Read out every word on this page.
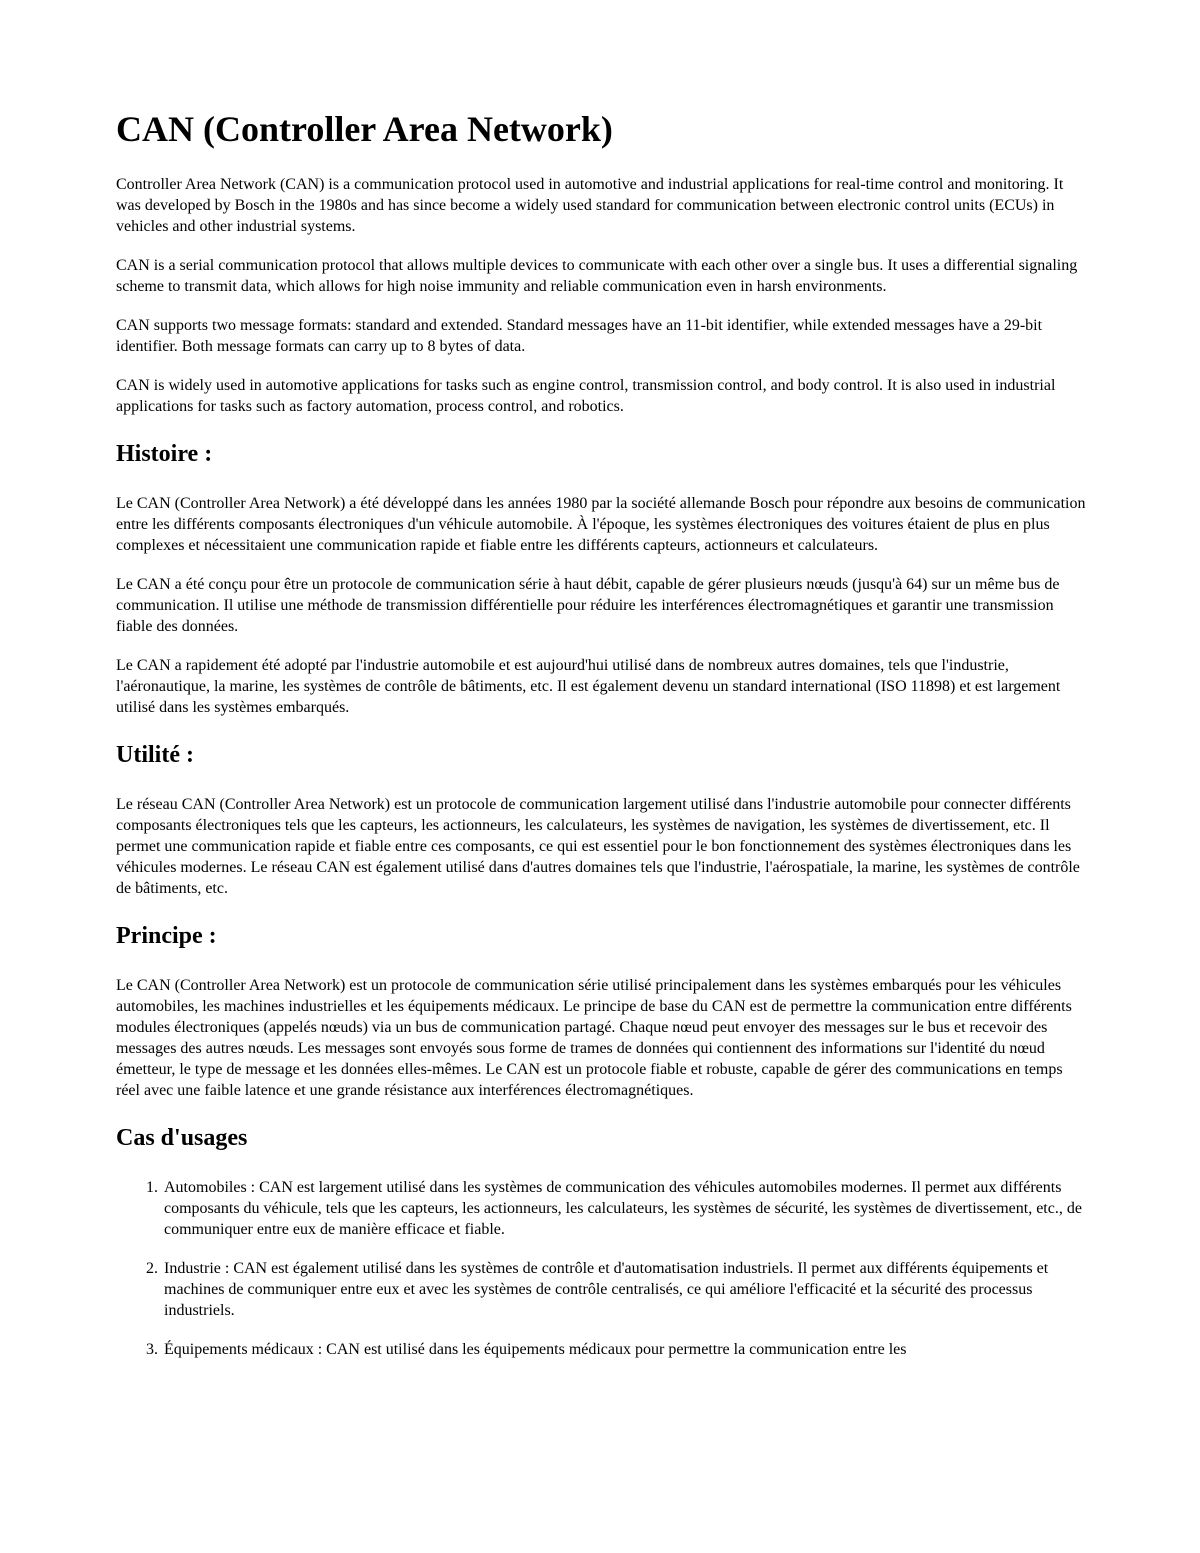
CAN (Controller Area Network)

Controller Area Network (CAN) is a communication protocol used in automotive and industrial applications for real-time control and monitoring. It was developed by Bosch in the 1980s and has since become a widely used standard for communication between electronic control units (ECUs) in vehicles and other industrial systems.

CAN is a serial communication protocol that allows multiple devices to communicate with each other over a single bus. It uses a differential signaling scheme to transmit data, which allows for high noise immunity and reliable communication even in harsh environments.

CAN supports two message formats: standard and extended. Standard messages have an 11-bit identifier, while extended messages have a 29-bit identifier. Both message formats can carry up to 8 bytes of data.

CAN is widely used in automotive applications for tasks such as engine control, transmission control, and body control. It is also used in industrial applications for tasks such as factory automation, process control, and robotics.

Histoire :

Le CAN (Controller Area Network) a été développé dans les années 1980 par la société allemande Bosch pour répondre aux besoins de communication entre les différents composants électroniques d'un véhicule automobile. À l'époque, les systèmes électroniques des voitures étaient de plus en plus complexes et nécessitaient une communication rapide et fiable entre les différents capteurs, actionneurs et calculateurs.

Le CAN a été conçu pour être un protocole de communication série à haut débit, capable de gérer plusieurs nœuds (jusqu'à 64) sur un même bus de communication. Il utilise une méthode de transmission différentielle pour réduire les interférences électromagnétiques et garantir une transmission fiable des données.

Le CAN a rapidement été adopté par l'industrie automobile et est aujourd'hui utilisé dans de nombreux autres domaines, tels que l'industrie, l'aéronautique, la marine, les systèmes de contrôle de bâtiments, etc. Il est également devenu un standard international (ISO 11898) et est largement utilisé dans les systèmes embarqués.

Utilité :

Le réseau CAN (Controller Area Network) est un protocole de communication largement utilisé dans l'industrie automobile pour connecter différents composants électroniques tels que les capteurs, les actionneurs, les calculateurs, les systèmes de navigation, les systèmes de divertissement, etc. Il permet une communication rapide et fiable entre ces composants, ce qui est essentiel pour le bon fonctionnement des systèmes électroniques dans les véhicules modernes. Le réseau CAN est également utilisé dans d'autres domaines tels que l'industrie, l'aérospatiale, la marine, les systèmes de contrôle de bâtiments, etc.

Principe :

Le CAN (Controller Area Network) est un protocole de communication série utilisé principalement dans les systèmes embarqués pour les véhicules automobiles, les machines industrielles et les équipements médicaux. Le principe de base du CAN est de permettre la communication entre différents modules électroniques (appelés nœuds) via un bus de communication partagé. Chaque nœud peut envoyer des messages sur le bus et recevoir des messages des autres nœuds. Les messages sont envoyés sous forme de trames de données qui contiennent des informations sur l'identité du nœud émetteur, le type de message et les données elles-mêmes. Le CAN est un protocole fiable et robuste, capable de gérer des communications en temps réel avec une faible latence et une grande résistance aux interférences électromagnétiques.

Cas d'usages
1. Automobiles : CAN est largement utilisé dans les systèmes de communication des véhicules automobiles modernes. Il permet aux différents composants du véhicule, tels que les capteurs, les actionneurs, les calculateurs, les systèmes de sécurité, les systèmes de divertissement, etc., de communiquer entre eux de manière efficace et fiable.
2. Industrie : CAN est également utilisé dans les systèmes de contrôle et d'automatisation industriels. Il permet aux différents équipements et machines de communiquer entre eux et avec les systèmes de contrôle centralisés, ce qui améliore l'efficacité et la sécurité des processus industriels.
3. Équipements médicaux : CAN est utilisé dans les équipements médicaux pour permettre la communication entre les
